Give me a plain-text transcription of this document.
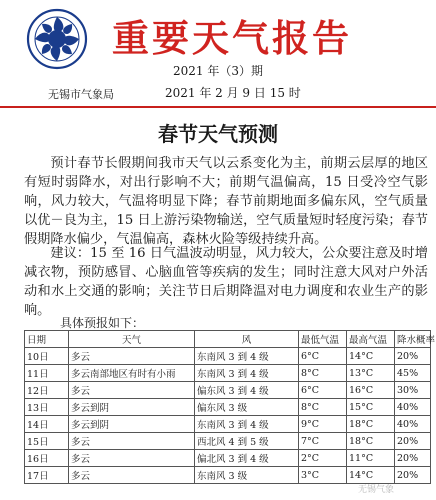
重要天气报告
2021 年（3）期
无锡市气象局	2021 年 2 月 9 日 15 时
春节天气预测

预计春节长假期间我市天气以云系变化为主，前期云层厚的地区有短时弱降水，对出行影响不大；前期气温偏高，15 日受冷空气影响，风力较大，气温将明显下降；春节前期地面多偏东风，空气质量以优－良为主，15 日上游污染物输送，空气质量短时轻度污染；春节假期降水偏少，气温偏高，森林火险等级持续升高。

建议：15 至 16 日气温波动明显，风力较大，公众要注意及时增减衣物，预防感冒、心脑血管等疾病的发生；同时注意大风对户外活动和水上交通的影响；关注节日后期降温对电力调度和农业生产的影响。

具体预报如下：
日期	天气	风	最低气温	最高气温	降水概率
10日	多云	东南风 3 到 4 级	6°C	14°C	20%
11日	多云南部地区有时有小雨	东南风 3 到 4 级	8°C	13°C	45%
12日	多云	偏东风 3 到 4 级	6°C	16°C	30%
13日	多云到阴	偏东风 3 级	8°C	15°C	40%
14日	多云到阴	东南风 3 到 4 级	9°C	18°C	40%
15日	多云	西北风 4 到 5 级	7°C	18°C	20%
16日	多云	偏北风 3 到 4 级	2°C	11°C	20%
17日	多云	东南风 3 级	3°C	14°C	20%
无锡气象
